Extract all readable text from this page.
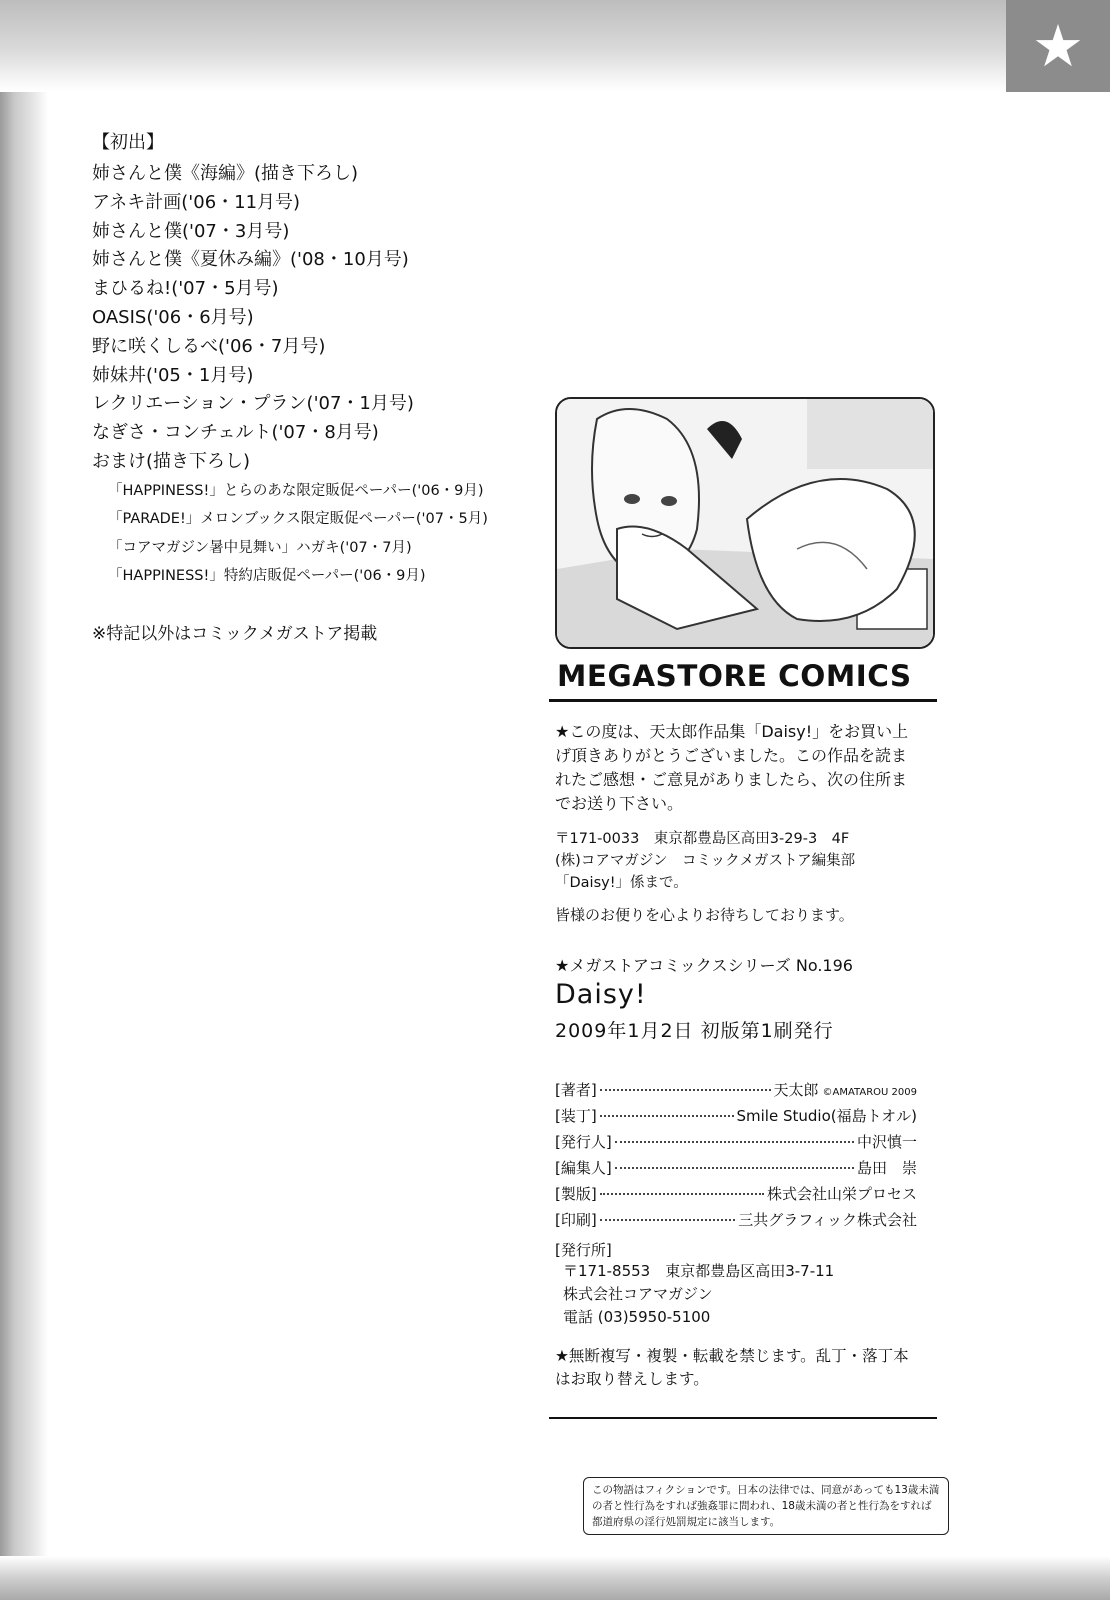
★
【初出】
姉さんと僕《海編》(描き下ろし)
アネキ計画('06・11月号)
姉さんと僕('07・3月号)
姉さんと僕《夏休み編》('08・10月号)
まひるね!('07・5月号)
OASIS('06・6月号)
野に咲くしるべ('06・7月号)
姉妹丼('05・1月号)
レクリエーション・プラン('07・1月号)
なぎさ・コンチェルト('07・8月号)
おまけ(描き下ろし)
「HAPPINESS!」とらのあな限定販促ペーパー('06・9月)
「PARADE!」メロンブックス限定販促ペーパー('07・5月)
「コアマガジン暑中見舞い」ハガキ('07・7月)
「HAPPINESS!」特約店販促ペーパー('06・9月)
※特記以外はコミックメガストア掲載
MEGASTORE COMICS
★この度は、天太郎作品集「Daisy!」をお買い上げ頂きありがとうございました。この作品を読まれたご感想・ご意見がありましたら、次の住所までお送り下さい。
〒171-0033　東京都豊島区高田3-29-3　4F
(株)コアマガジン　コミックメガストア編集部
「Daisy!」係まで。
皆様のお便りを心よりお待ちしております。
★メガストアコミックスシリーズ No.196
Daisy!
2009年1月2日 初版第1刷発行
[著者]	天太郎 ©AMATAROU 2009
[装丁]	Smile Studio(福島トオル)
[発行人]	中沢慎一
[編集人]	島田　崇
[製版]	株式会社山栄プロセス
[印刷]	三共グラフィック株式会社
[発行所]
〒171-8553　東京都豊島区高田3-7-11
株式会社コアマガジン
電話 (03)5950-5100
★無断複写・複製・転載を禁じます。乱丁・落丁本はお取り替えします。
この物語はフィクションです。日本の法律では、同意があっても13歳未満の者と性行為をすれば強姦罪に問われ、18歳未満の者と性行為をすれば都道府県の淫行処罰規定に該当します。
